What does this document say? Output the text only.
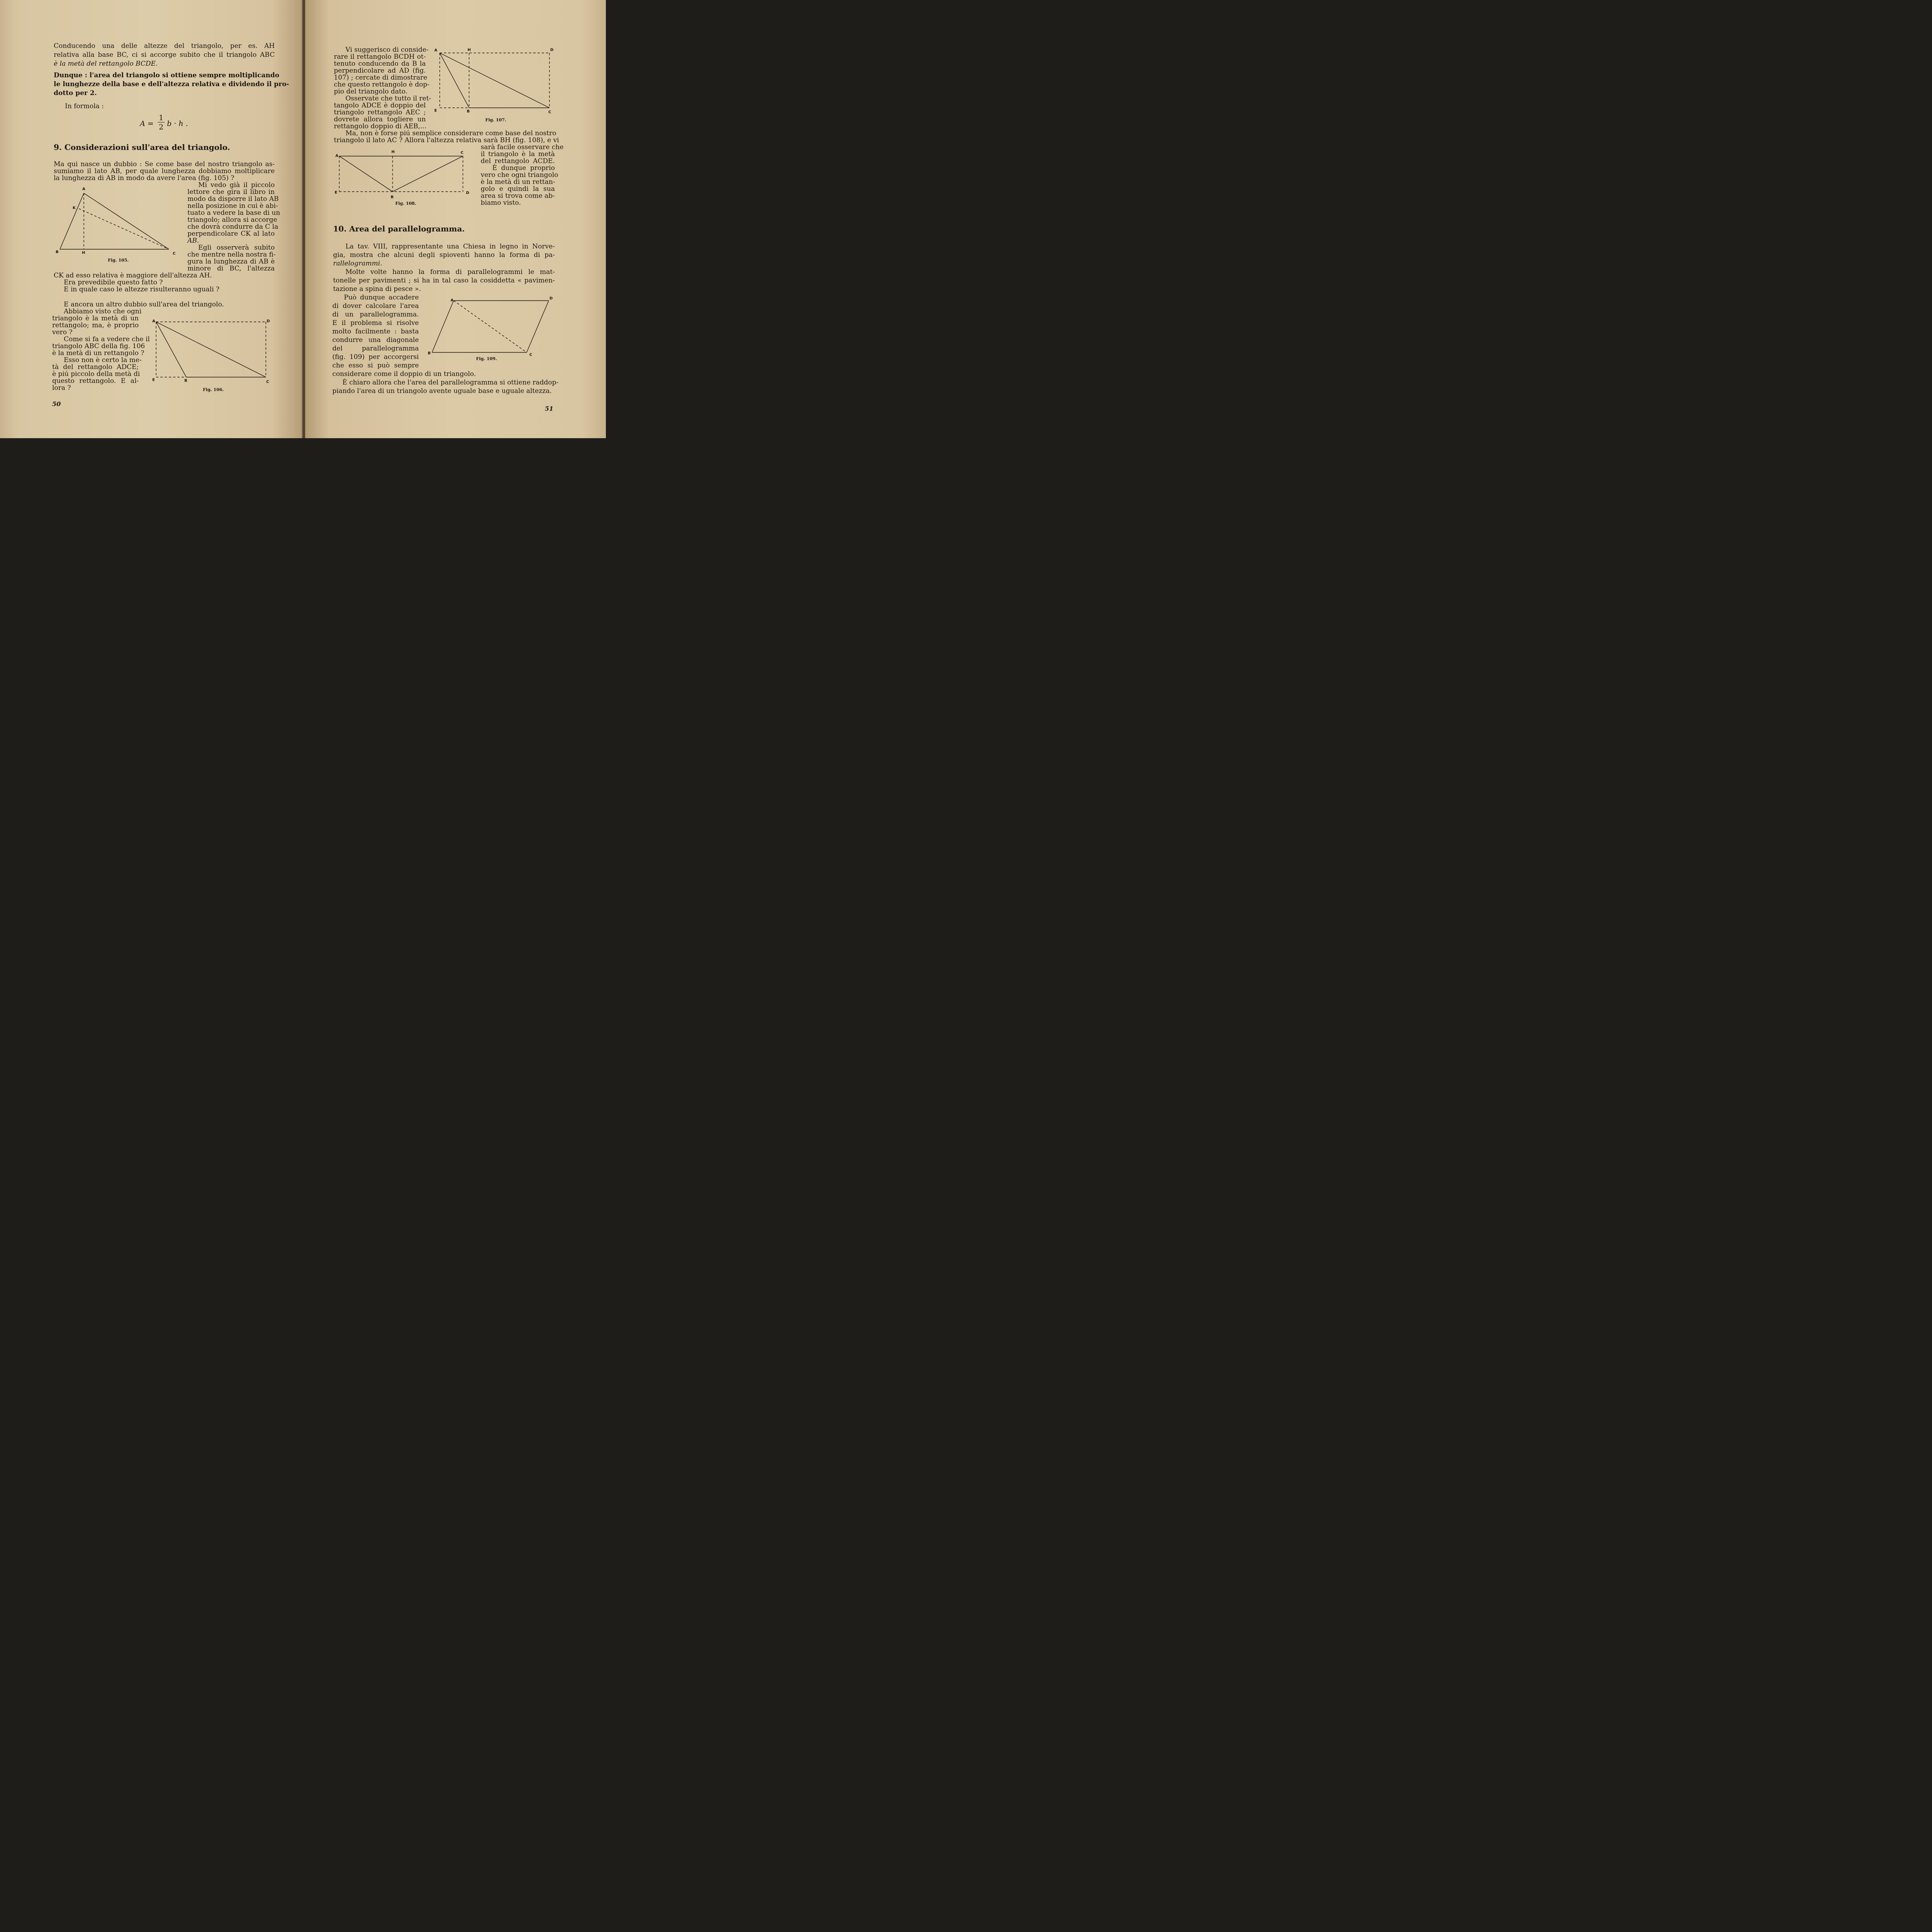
Conducendo una delle altezze del triangolo, per es. AH
relativa alla base BC, ci si accorge subito che il triangolo ABC
è la metà del rettangolo BCDE.
Dunque : l'area del triangolo si ottiene sempre moltiplicando
le lunghezze della base e dell'altezza relativa e dividendo il pro-
dotto per 2.
In formola :
A =
1
2 b · h .
9. Considerazioni sull'area del triangolo.
Ma qui nasce un dubbio : Se come base del nostro triangolo as-
sumiamo il lato AB, per quale lunghezza dobbiamo moltiplicare
la lunghezza di AB in modo da avere l'area (fig. 105) ?
Mi vedo già il piccolo
lettore che gira il libro in
modo da disporre il lato AB
nella posizione in cui è abi-
tuato a vedere la base di un
triangolo; allora si accorge
che dovrà condurre da C la
perpendicolare CK al lato
AB.
Egli osserverà subito
che mentre nella nostra fi-
gura la lunghezza di AB è
minore di BC, l'altezza
CK ad esso relativa è maggiore dell'altezza AH.
Era prevedibile questo fatto ?
E in quale caso le altezze risulteranno uguali ?
E ancora un altro dubbio sull'area del triangolo.
Abbiamo visto che ogni
triangolo è la metà di un
rettangolo; ma, è proprio
vero ?
Come si fa a vedere che il
triangolo ABC della fig. 106
è la metà di un rettangolo ?
Esso non è certo la me-
tà del rettangolo ADCE;
è piú piccolo della metà di
questo rettangolo. E al-
lora ?
A
K
B	H	C
Fig. 105.
A	D
E	B	C
Fig. 106.
50
Vi suggerisco di conside-
rare il rettangolo BCDH ot-
tenuto conducendo da B la
perpendicolare ad AD (fig.
107) ; cercate di dimostrare
che questo rettangolo è dop-
pio del triangolo dato.
Osservate che tutto il ret-
tangolo ADCE è doppio del
triangolo rettangolo AEC ;
dovrete allora togliere un
rettangolo doppio di AEB,...
Ma, non è forse piú semplice considerare come base del nostro
triangolo il lato AC ? Allora l'altezza relativa sarà BH (fig. 108), e vi
sarà facile osservare che
il triangolo è la metà
del rettangolo ACDE.
È dunque proprio
vero che ogni triangolo
è la metà di un rettan-
golo e quindi la sua
area si trova come ab-
biamo visto.
10. Area del parallelogramma.
La tav. VIII, rappresentante una Chiesa in legno in Norve-
gia, mostra che alcuni degli spioventi hanno la forma di pa-
rallelogrammi.
Molte volte hanno la forma di parallelogrammi le mat-
tonelle per pavimenti ; si ha in tal caso la cosiddetta « pavimen-
tazione a spina di pesce ».
Può dunque accadere
di dover calcolare l'area
di un parallelogramma.
E il problema si risolve
molto facilmente : basta
condurre una diagonale
del parallelogramma
(fig. 109) per accorgersi
che esso si può sempre
considerare come il doppio di un triangolo.
È chiaro allora che l'area del parallelogramma si ottiene raddop-
piando l'area di un triangolo avente uguale base e uguale altezza.
A	H	D
E	B	C
Fig. 107.
A
H	C
E
B
D
Fig. 108.
A	D
B	C
Fig. 109.
51
